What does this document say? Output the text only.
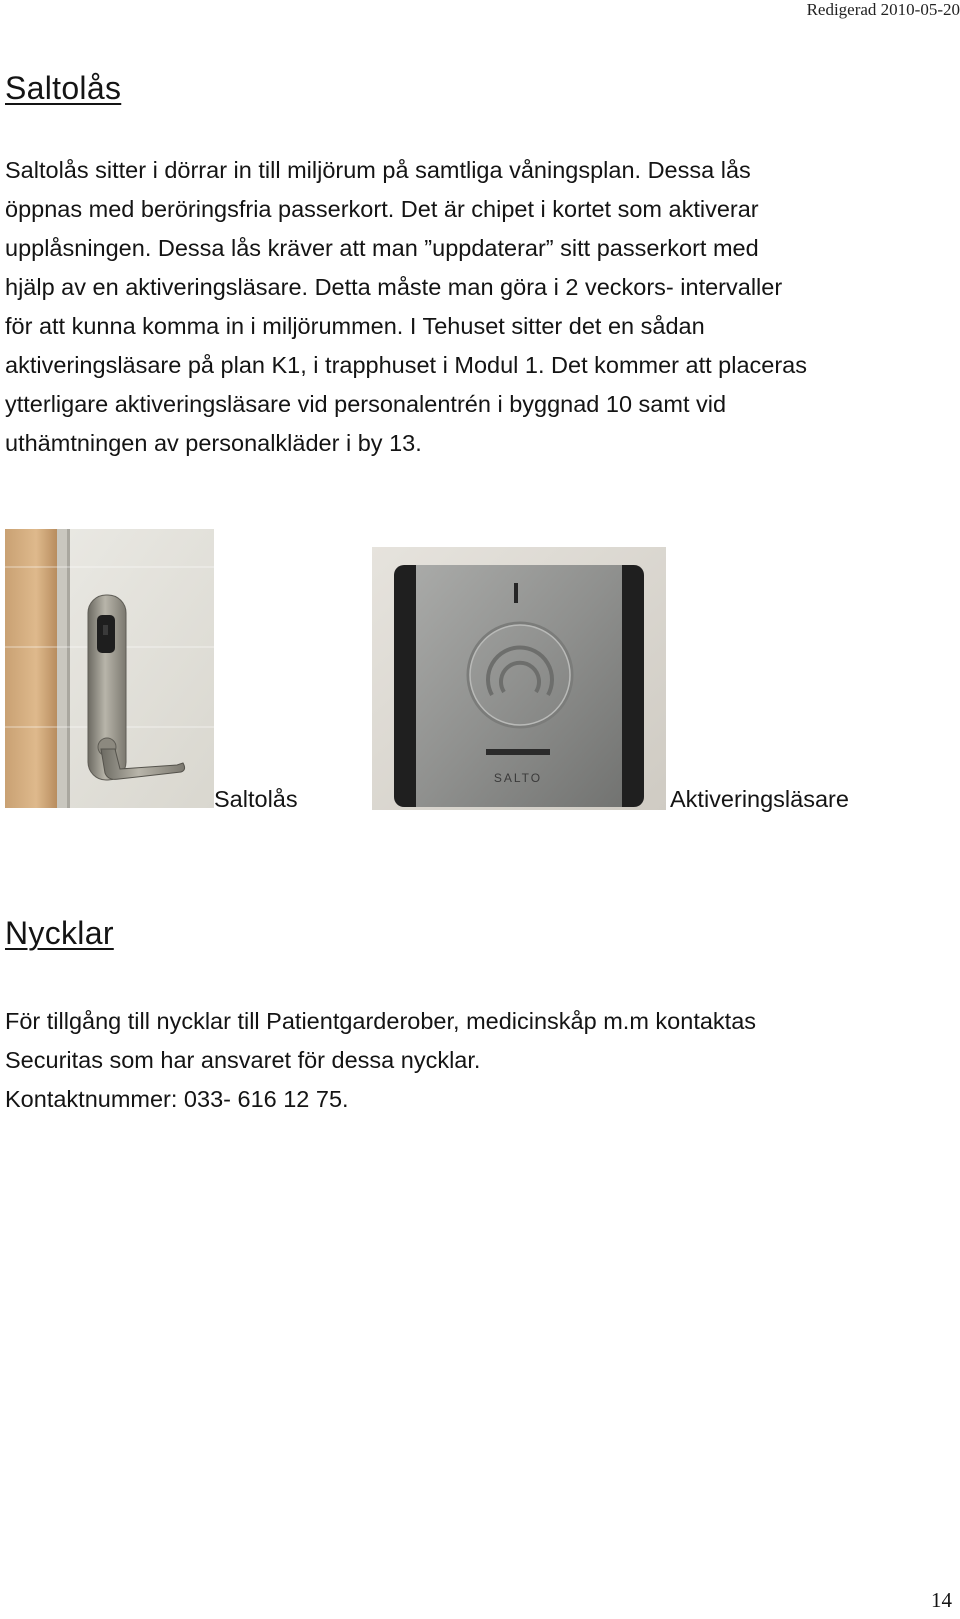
Redigerad 2010-05-20
Saltolås

Saltolås sitter i dörrar in till miljörum på samtliga våningsplan. Dessa lås
öppnas med beröringsfria passerkort. Det är chipet i kortet som aktiverar
upplåsningen. Dessa lås kräver att man ”uppdaterar” sitt passerkort med
hjälp av en aktiveringsläsare. Detta måste man göra i 2 veckors- intervaller
för att kunna komma in i miljörummen. I Tehuset sitter det en sådan
aktiveringsläsare på plan K1, i trapphuset i Modul 1. Det kommer att placeras
ytterligare aktiveringsläsare vid personalentrén i byggnad 10 samt vid
uthämtningen av personalkläder i by 13.

Saltolås
SALTO
Aktiveringsläsare
Nycklar

För tillgång till nycklar till Patientgarderober, medicinskåp m.m kontaktas
Securitas som har ansvaret för dessa nycklar.
Kontaktnummer: 033- 616 12 75.

14
